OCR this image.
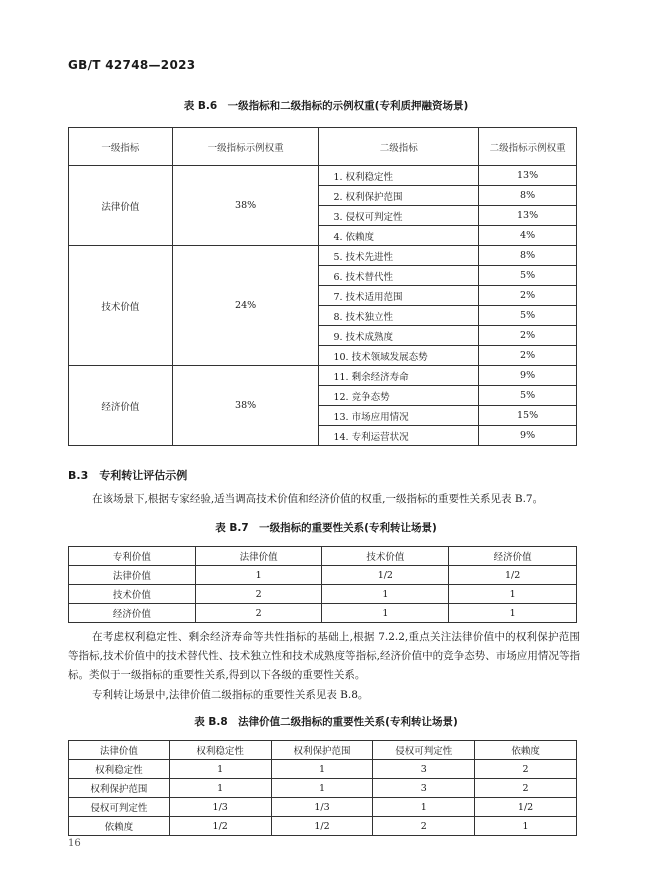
GB/T 42748—2023
表 B.6　一级指标和二级指标的示例权重(专利质押融资场景)
一级指标	一级指标示例权重	二级指标	二级指标示例权重
法律价值	38%	1. 权利稳定性	13%
		2. 权利保护范围	8%
		3. 侵权可判定性	13%
		4. 依赖度	4%
技术价值	24%	5. 技术先进性	8%
		6. 技术替代性	5%
		7. 技术适用范围	2%
		8. 技术独立性	5%
		9. 技术成熟度	2%
		10. 技术领域发展态势	2%
经济价值	38%	11. 剩余经济寿命	9%
		12. 竞争态势	5%
		13. 市场应用情况	15%
		14. 专利运营状况	9%
B.3　专利转让评估示例

在该场景下,根据专家经验,适当调高技术价值和经济价值的权重,一级指标的重要性关系见表 B.7。

表 B.7　一级指标的重要性关系(专利转让场景)
专利价值	法律价值	技术价值	经济价值
法律价值	1	1/2	1/2
技术价值	2	1	1
经济价值	2	1	1

在考虑权利稳定性、剩余经济寿命等共性指标的基础上,根据 7.2.2,重点关注法律价值中的权利保护范围等指标,技术价值中的技术替代性、技术独立性和技术成熟度等指标,经济价值中的竞争态势、市场应用情况等指标。类似于一级指标的重要性关系,得到以下各级的重要性关系。

专利转让场景中,法律价值二级指标的重要性关系见表 B.8。

表 B.8　法律价值二级指标的重要性关系(专利转让场景)
法律价值	权利稳定性	权利保护范围	侵权可判定性	依赖度
权利稳定性	1	1	3	2
权利保护范围	1	1	3	2
侵权可判定性	1/3	1/3	1	1/2
依赖度	1/2	1/2	2	1
16
